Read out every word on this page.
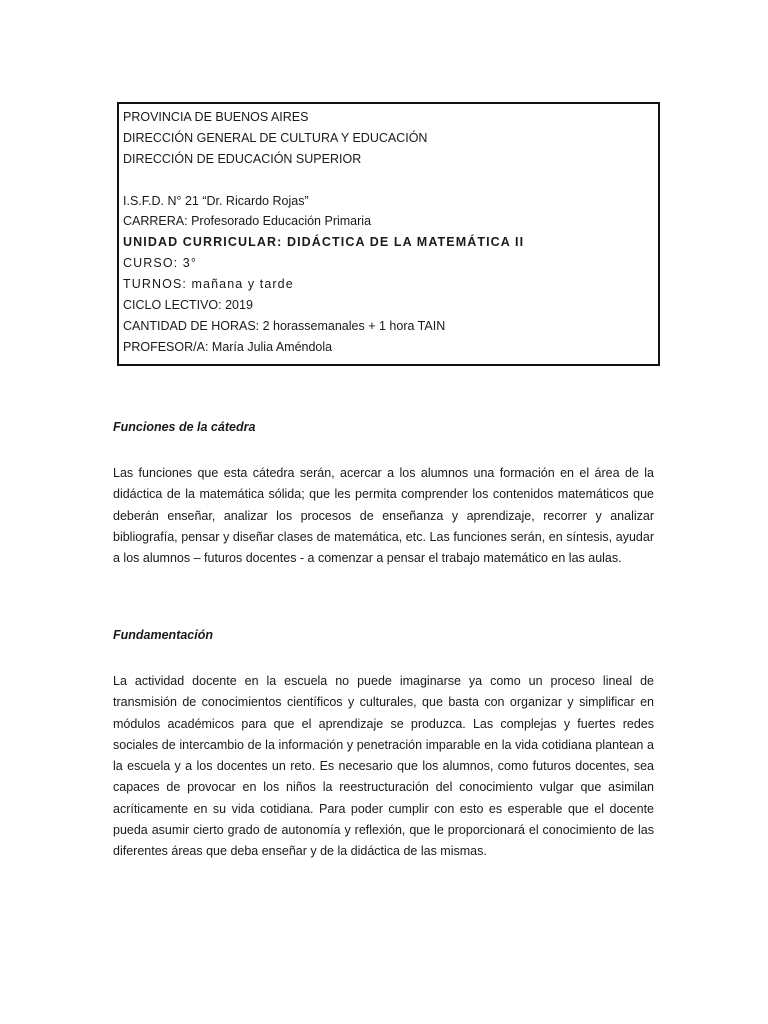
PROVINCIA DE BUENOS AIRES
DIRECCIÓN GENERAL DE CULTURA Y EDUCACIÓN
DIRECCIÓN DE EDUCACIÓN SUPERIOR
I.S.F.D. N° 21 “Dr. Ricardo Rojas”
CARRERA: Profesorado Educación Primaria
UNIDAD CURRICULAR: DIDÁCTICA DE LA MATEMÁTICA II
CURSO: 3°
TURNOS: mañana y tarde
CICLO LECTIVO: 2019
CANTIDAD DE HORAS: 2 horassemanales + 1 hora TAIN
PROFESOR/A: María Julia Améndola
Funciones de la cátedra
Las funciones que esta cátedra serán, acercar a los alumnos una formación en el área de la didáctica de la matemática sólida; que les permita comprender los contenidos matemáticos que deberán enseñar, analizar los procesos de enseñanza y aprendizaje, recorrer y analizar bibliografía, pensar y diseñar clases de matemática, etc. Las funciones serán, en síntesis, ayudar a los alumnos – futuros docentes - a comenzar a pensar el trabajo matemático en las aulas.
Fundamentación
La actividad docente en la escuela no puede imaginarse ya como un proceso lineal de transmisión de conocimientos científicos y culturales, que basta con organizar y simplificar en módulos académicos para que el aprendizaje se produzca. Las complejas y fuertes redes sociales de intercambio de la información y penetración imparable en la vida cotidiana plantean a la escuela y a los docentes un reto. Es necesario que los alumnos, como futuros docentes, sea capaces de provocar en los niños la reestructuración del conocimiento vulgar que asimilan acríticamente en su vida cotidiana. Para poder cumplir con esto es esperable que el docente pueda asumir cierto grado de autonomía y reflexión, que le proporcionará el conocimiento de las diferentes áreas que deba enseñar y de la didáctica de las mismas.
